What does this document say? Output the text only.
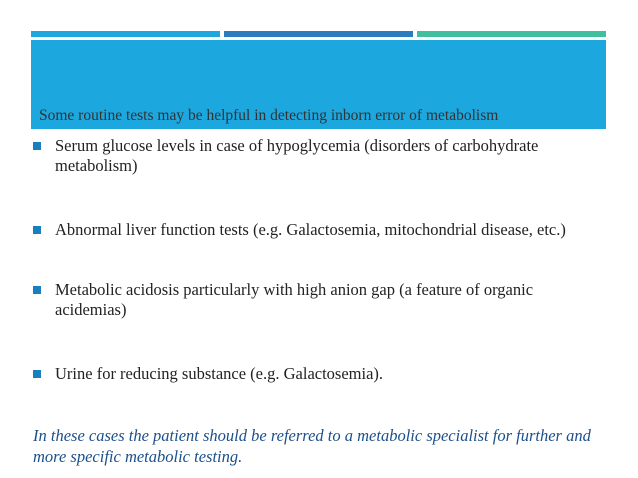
Some routine tests may be helpful in detecting inborn error of metabolism
Serum glucose levels in case of hypoglycemia (disorders of carbohydrate metabolism)
Abnormal liver function tests (e.g. Galactosemia, mitochondrial disease, etc.)
Metabolic acidosis particularly with high anion gap (a feature of organic acidemias)
Urine for reducing substance (e.g. Galactosemia).

In these cases the patient should be referred to a metabolic specialist for further and more specific metabolic testing.
